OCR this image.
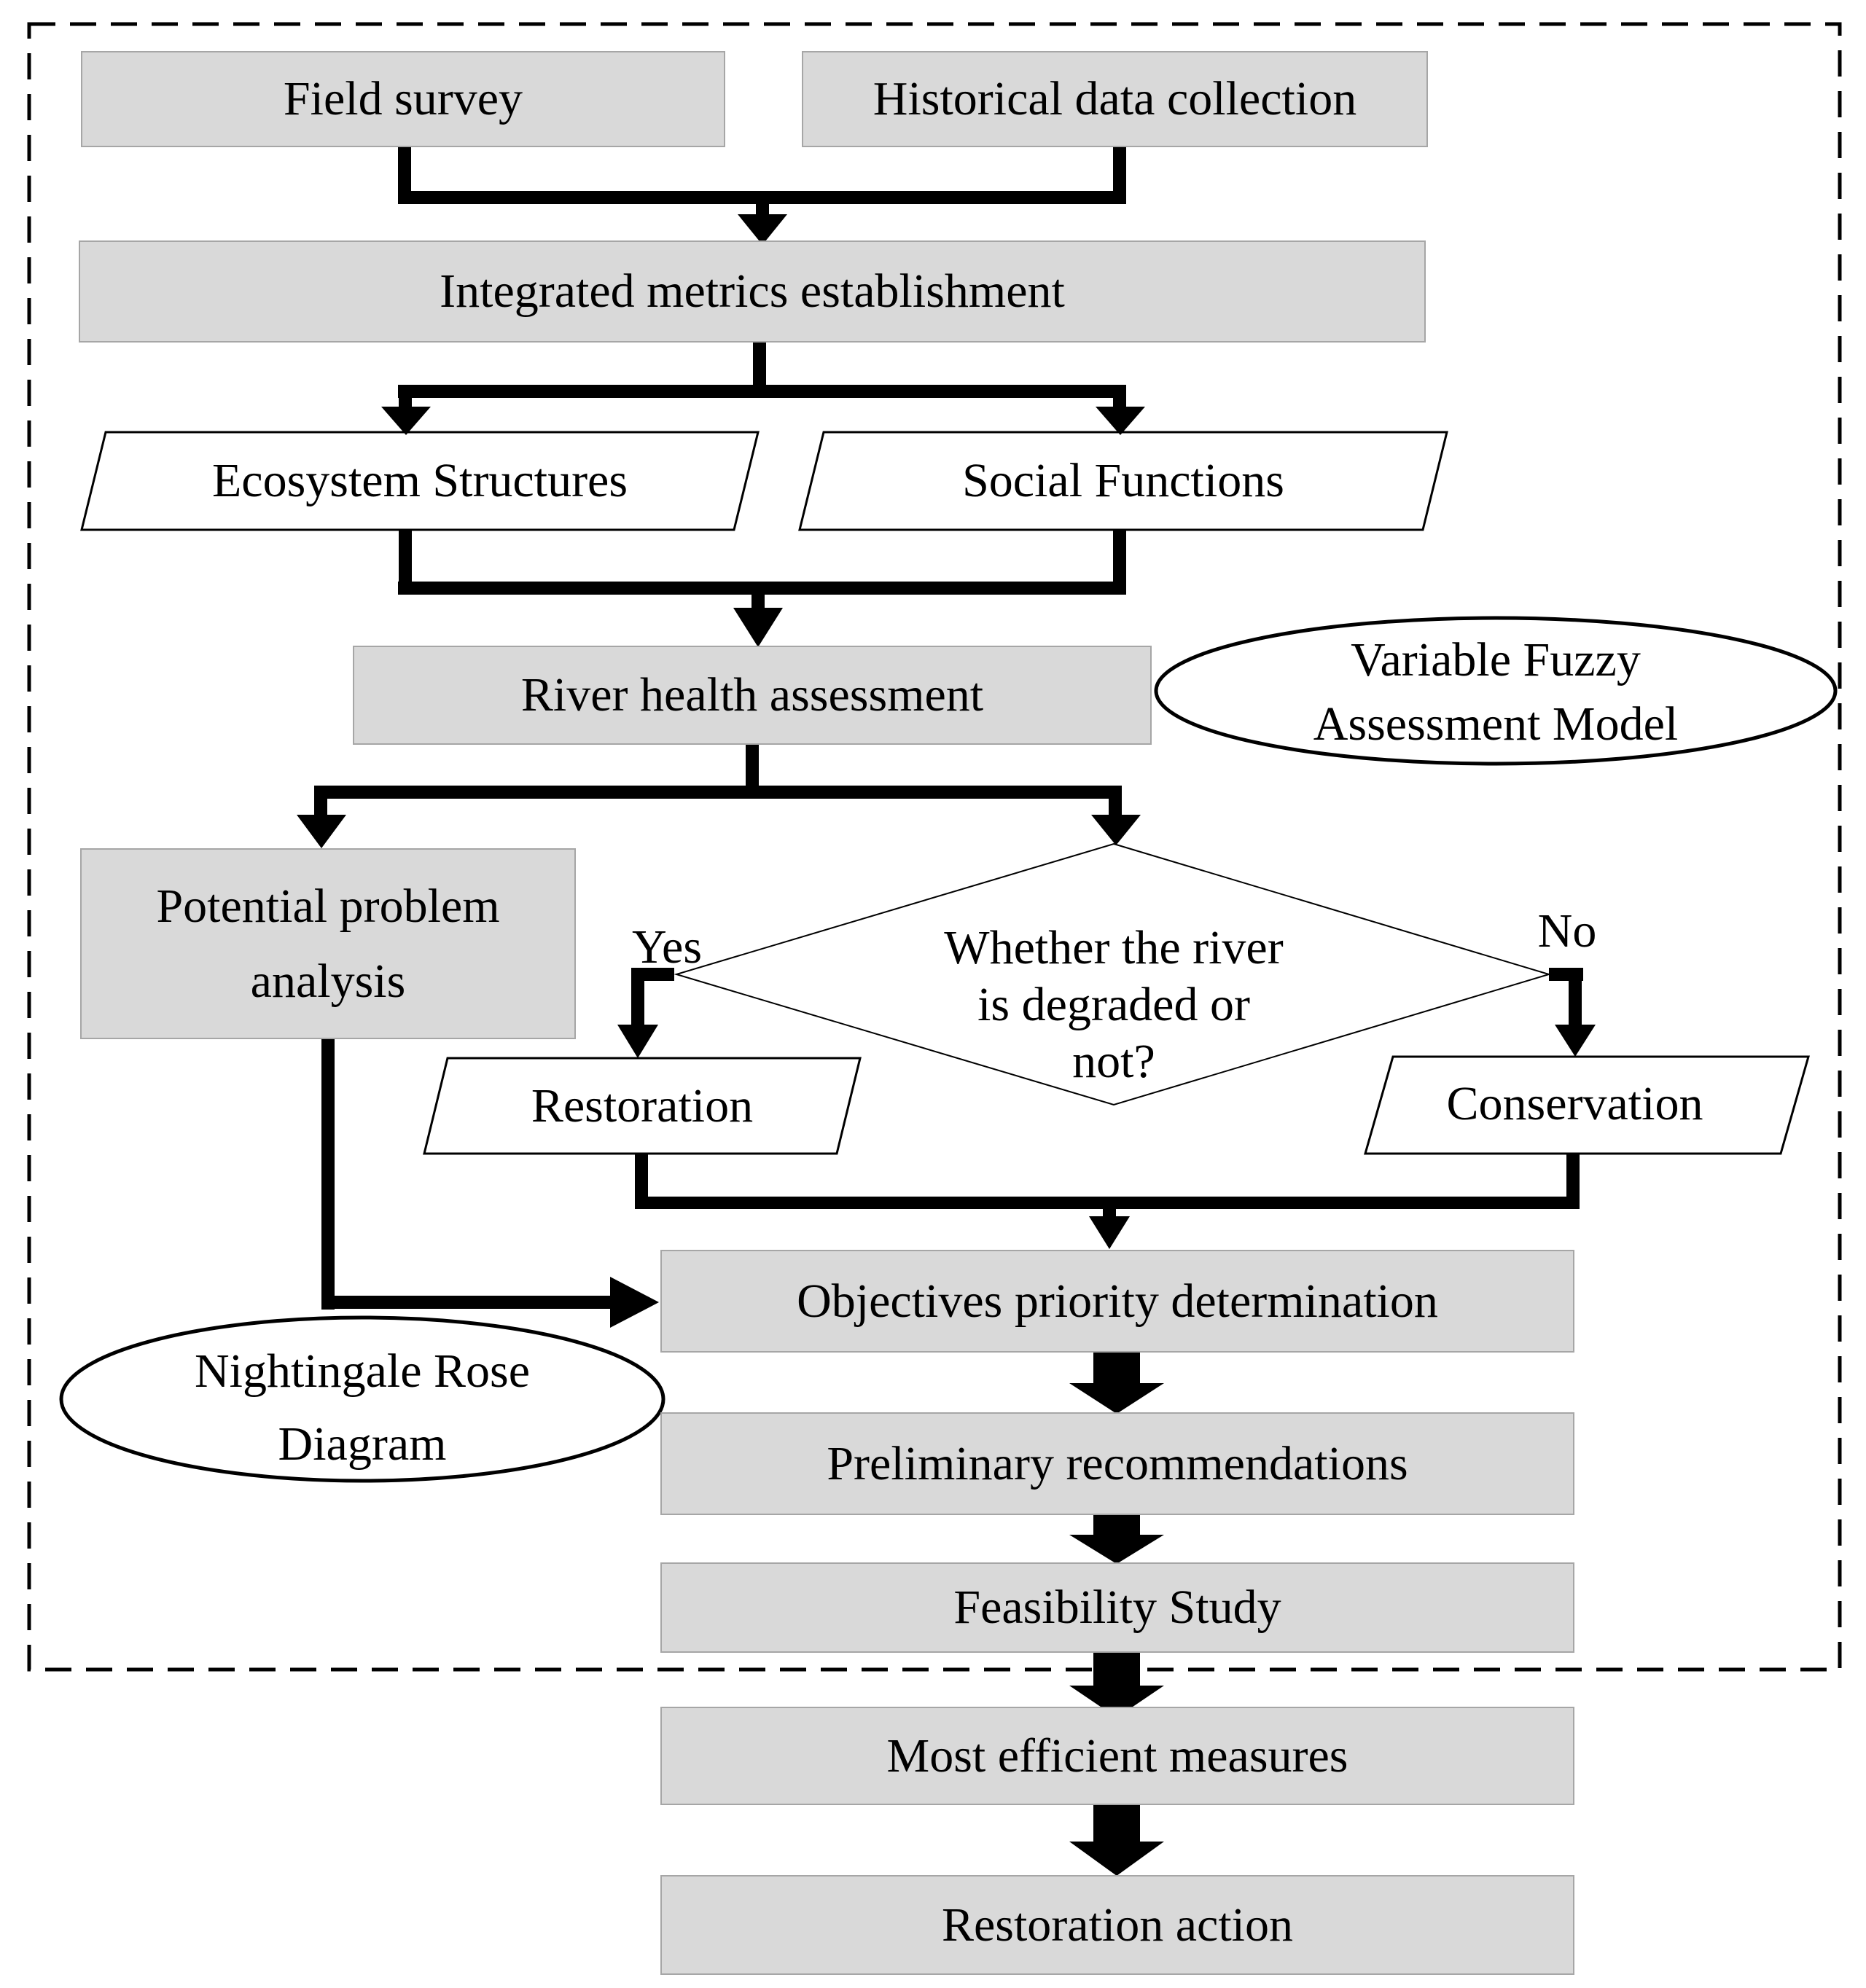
Field survey	Historical data collection
Integrated metrics establishment
River health assessment
Potential problem
analysis
Objectives priority determination
Preliminary recommendations
Feasibility Study
Most efficient measures
Restoration action
Ecosystem Structures	Social Functions
Whether the river
is degraded or
not?
Yes	No
Restoration	Conservation
Variable Fuzzy
Assessment Model
Nightingale Rose
Diagram
